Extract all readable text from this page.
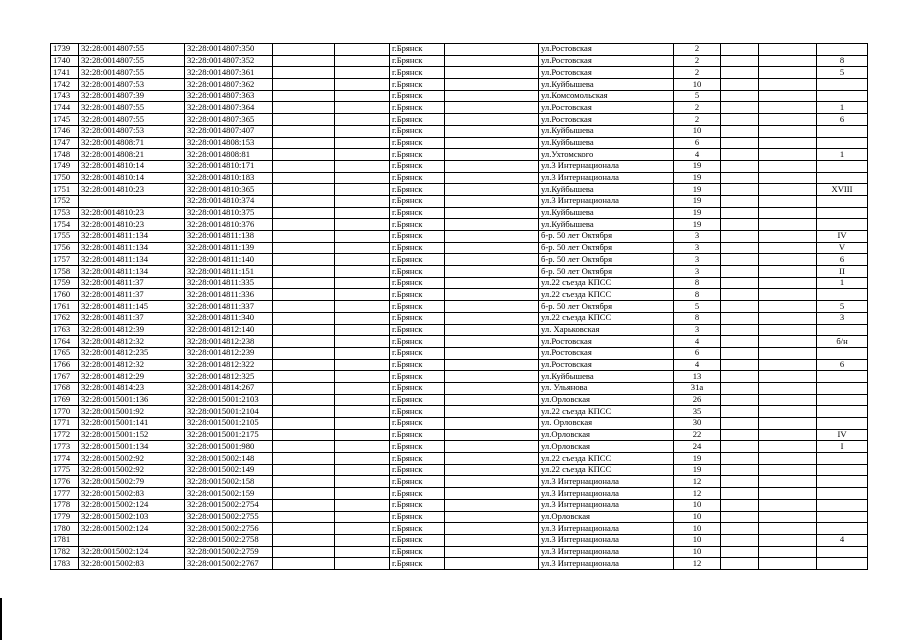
1739	32:28:0014807:55	32:28:0014807:350			г.Брянск		ул.Ростовская	2			
1740	32:28:0014807:55	32:28:0014807:352			г.Брянск		ул.Ростовская	2			8
1741	32:28:0014807:55	32:28:0014807:361			г.Брянск		ул.Ростовская	2			5
1742	32:28:0014807:53	32:28:0014807:362			г.Брянск		ул.Куйбышева	10			
1743	32:28:0014807:39	32:28:0014807:363			г.Брянск		ул.Комсомольская	5			
1744	32:28:0014807:55	32:28:0014807:364			г.Брянск		ул.Ростовская	2			1
1745	32:28:0014807:55	32:28:0014807:365			г.Брянск		ул.Ростовская	2			6
1746	32:28:0014807:53	32:28:0014807:407			г.Брянск		ул.Куйбышева	10			
1747	32:28:0014808:71	32:28:0014808:153			г.Брянск		ул.Куйбышева	6			
1748	32:28:0014808:21	32:28:0014808:81			г.Брянск		ул.Ухтомского	4			1
1749	32:28:0014810:14	32:28:0014810:171			г.Брянск		ул.3 Интернационала	19			
1750	32:28:0014810:14	32:28:0014810:183			г.Брянск		ул.3 Интернационала	19			
1751	32:28:0014810:23	32:28:0014810:365			г.Брянск		ул.Куйбышева	19			XVIII
1752		32:28:0014810:374			г.Брянск		ул.3 Интернационала	19			
1753	32:28:0014810:23	32:28:0014810:375			г.Брянск		ул.Куйбышева	19			
1754	32:28:0014810:23	32:28:0014810:376			г.Брянск		ул.Куйбышева	19			
1755	32:28:0014811:134	32:28:0014811:138			г.Брянск		б-р. 50 лет Октября	3			IV
1756	32:28:0014811:134	32:28:0014811:139			г.Брянск		б-р. 50 лет Октября	3			V
1757	32:28:0014811:134	32:28:0014811:140			г.Брянск		б-р. 50 лет Октября	3			6
1758	32:28:0014811:134	32:28:0014811:151			г.Брянск		б-р. 50 лет Октября	3			II
1759	32:28:0014811:37	32:28:0014811:335			г.Брянск		ул.22 съезда КПСС	8			1
1760	32:28:0014811:37	32:28:0014811:336			г.Брянск		ул.22 съезда КПСС	8			
1761	32:28:0014811:145	32:28:0014811:337			г.Брянск		б-р. 50 лет Октября	5			5
1762	32:28:0014811:37	32:28:0014811:340			г.Брянск		ул.22 съезда КПСС	8			3
1763	32:28:0014812:39	32:28:0014812:140			г.Брянск		ул. Харьковская	3			
1764	32:28:0014812:32	32:28:0014812:238			г.Брянск		ул.Ростовская	4			б/н
1765	32:28:0014812:235	32:28:0014812:239			г.Брянск		ул.Ростовская	6			
1766	32:28:0014812:32	32:28:0014812:322			г.Брянск		ул.Ростовская	4			6
1767	32:28:0014812:29	32:28:0014812:325			г.Брянск		ул.Куйбышева	13			
1768	32:28:0014814:23	32:28:0014814:267			г.Брянск		ул. Ульянова	31а			
1769	32:28:0015001:136	32:28:0015001:2103			г.Брянск		ул.Орловская	26			
1770	32:28:0015001:92	32:28:0015001:2104			г.Брянск		ул.22 съезда КПСС	35			
1771	32:28:0015001:141	32:28:0015001:2105			г.Брянск		ул. Орловская	30			
1772	32:28:0015001:152	32:28:0015001:2175			г.Брянск		ул.Орловская	22			IV
1773	32:28:0015001:134	32:28:0015001:980			г.Брянск		ул.Орловская	24			I
1774	32:28:0015002:92	32:28:0015002:148			г.Брянск		ул.22 съезда КПСС	19			
1775	32:28:0015002:92	32:28:0015002:149			г.Брянск		ул.22 съезда КПСС	19			
1776	32:28:0015002:79	32:28:0015002:158			г.Брянск		ул.3 Интернационала	12			
1777	32:28:0015002:83	32:28:0015002:159			г.Брянск		ул.3 Интернационала	12			
1778	32:28:0015002:124	32:28:0015002:2754			г.Брянск		ул.3 Интернационала	10			
1779	32:28:0015002:103	32:28:0015002:2755			г.Брянск		ул.Орловская	10			
1780	32:28:0015002:124	32:28:0015002:2756			г.Брянск		ул.3 Интернационала	10			
1781		32:28:0015002:2758			г.Брянск		ул.3 Интернационала	10			4
1782	32:28:0015002:124	32:28:0015002:2759			г.Брянск		ул.3 Интернационала	10			
1783	32:28:0015002:83	32:28:0015002:2767			г.Брянск		ул.3 Интернационала	12			
